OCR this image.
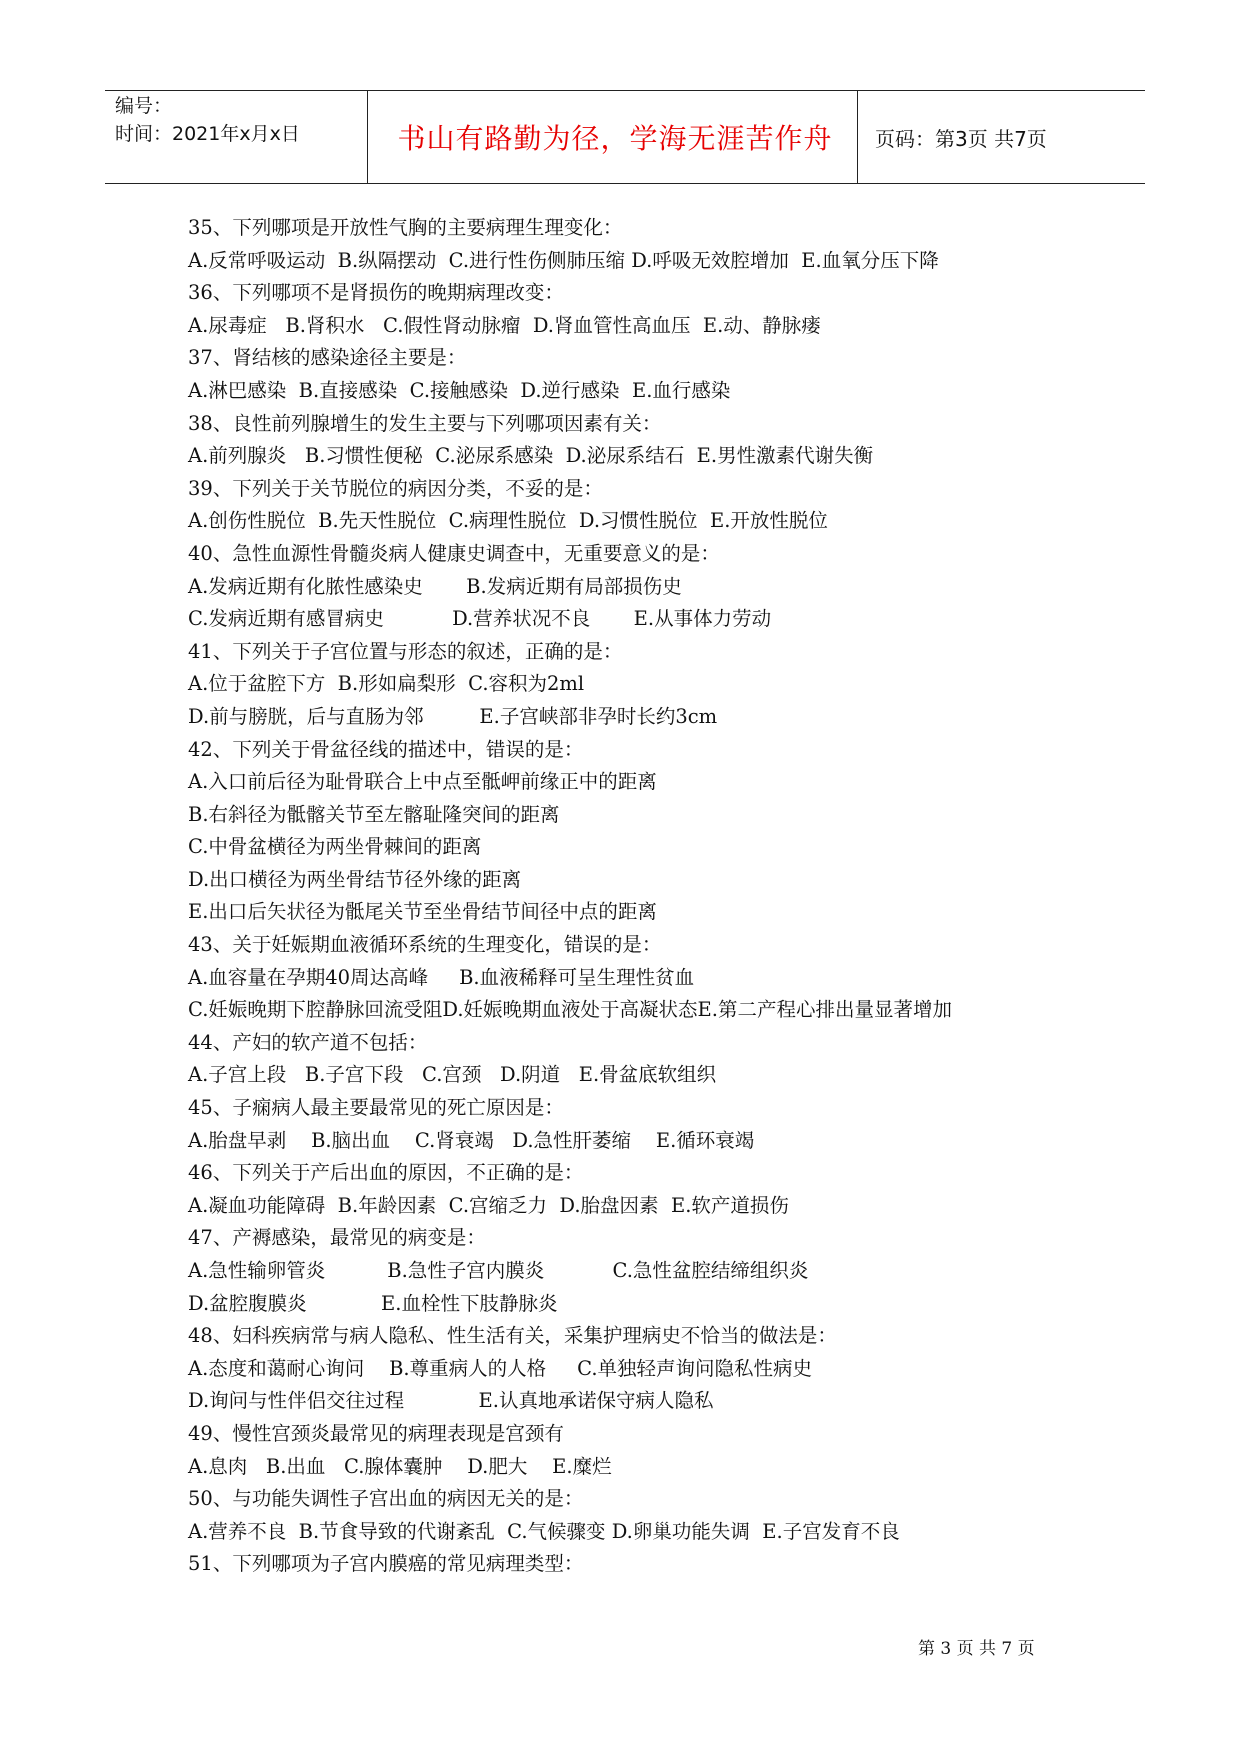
编号：
时间：2021年x月x日	书山有路勤为径，学海无涯苦作舟	页码：第3页 共7页
35、下列哪项是开放性气胸的主要病理生理变化：
A.反常呼吸运动  B.纵隔摆动  C.进行性伤侧肺压缩 D.呼吸无效腔增加  E.血氧分压下降
36、下列哪项不是肾损伤的晚期病理改变：
A.尿毒症   B.肾积水   C.假性肾动脉瘤  D.肾血管性高血压  E.动、静脉瘘
37、肾结核的感染途径主要是：
A.淋巴感染  B.直接感染  C.接触感染  D.逆行感染  E.血行感染
38、良性前列腺增生的发生主要与下列哪项因素有关：
A.前列腺炎   B.习惯性便秘  C.泌尿系感染  D.泌尿系结石  E.男性激素代谢失衡
39、下列关于关节脱位的病因分类，不妥的是：
A.创伤性脱位  B.先天性脱位  C.病理性脱位  D.习惯性脱位  E.开放性脱位
40、急性血源性骨髓炎病人健康史调查中，无重要意义的是：
A.发病近期有化脓性感染史       B.发病近期有局部损伤史
C.发病近期有感冒病史           D.营养状况不良       E.从事体力劳动
41、下列关于子宫位置与形态的叙述，正确的是：
A.位于盆腔下方  B.形如扁梨形  C.容积为2ml
D.前与膀胱，后与直肠为邻         E.子宫峡部非孕时长约3cm
42、下列关于骨盆径线的描述中，错误的是：
A.入口前后径为耻骨联合上中点至骶岬前缘正中的距离
B.右斜径为骶髂关节至左髂耻隆突间的距离
C.中骨盆横径为两坐骨棘间的距离
D.出口横径为两坐骨结节径外缘的距离
E.出口后矢状径为骶尾关节至坐骨结节间径中点的距离
43、关于妊娠期血液循环系统的生理变化，错误的是：
A.血容量在孕期40周达高峰     B.血液稀释可呈生理性贫血
C.妊娠晚期下腔静脉回流受阻D.妊娠晚期血液处于高凝状态E.第二产程心排出量显著增加
44、产妇的软产道不包括：
A.子宫上段   B.子宫下段   C.宫颈   D.阴道   E.骨盆底软组织
45、子痫病人最主要最常见的死亡原因是：
A.胎盘早剥    B.脑出血    C.肾衰竭   D.急性肝萎缩    E.循环衰竭
46、下列关于产后出血的原因，不正确的是：
A.凝血功能障碍  B.年龄因素  C.宫缩乏力  D.胎盘因素  E.软产道损伤
47、产褥感染，最常见的病变是：
A.急性输卵管炎          B.急性子宫内膜炎           C.急性盆腔结缔组织炎
D.盆腔腹膜炎            E.血栓性下肢静脉炎
48、妇科疾病常与病人隐私、性生活有关，采集护理病史不恰当的做法是：
A.态度和蔼耐心询问    B.尊重病人的人格     C.单独轻声询问隐私性病史
D.询问与性伴侣交往过程            E.认真地承诺保守病人隐私
49、慢性宫颈炎最常见的病理表现是宫颈有
A.息肉   B.出血   C.腺体囊肿    D.肥大    E.糜烂
50、与功能失调性子宫出血的病因无关的是：
A.营养不良  B.节食导致的代谢紊乱  C.气候骤变 D.卵巢功能失调  E.子宫发育不良
51、下列哪项为子宫内膜癌的常见病理类型：
第 3 页 共 7 页
